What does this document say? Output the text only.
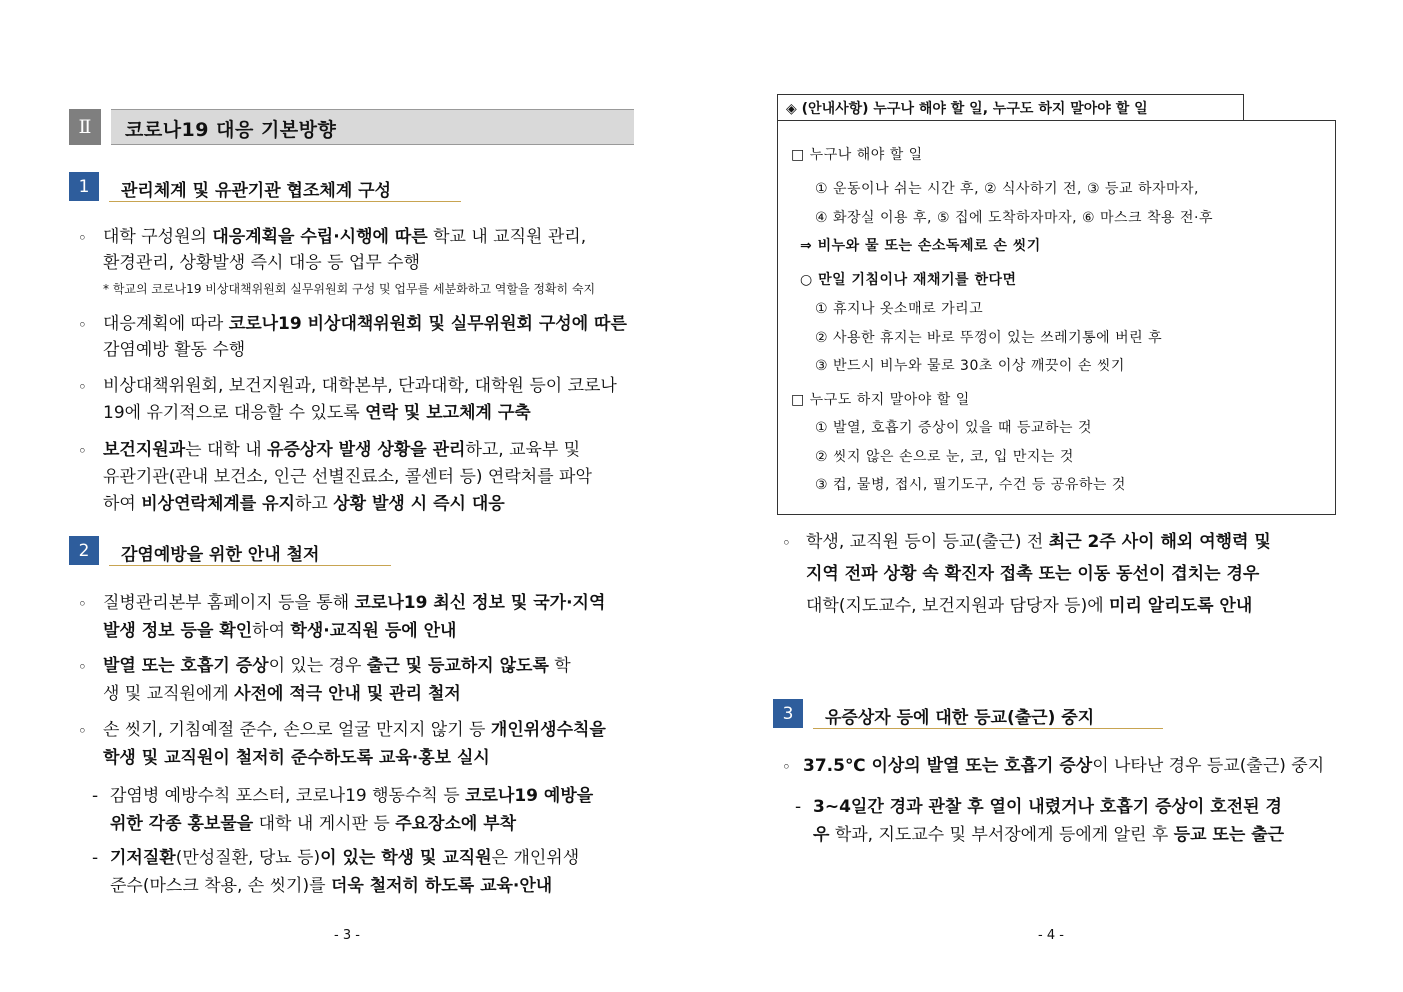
Ⅱ	코로나19 대응 기본방향
1	관리체계 및 유관기관 협조체계 구성
◦ 대학 구성원의 대응계획을 수립·시행에 따른 학교 내 교직원 관리,
환경관리, 상황발생 즉시 대응 등 업무 수행
* 학교의 코로나19 비상대책위원회 실무위원회 구성 및 업무를 세분화하고 역할을 정확히 숙지
◦ 대응계획에 따라 코로나19 비상대책위원회 및 실무위원회 구성에 따른
감염예방 활동 수행
◦ 비상대책위원회, 보건지원과, 대학본부, 단과대학, 대학원 등이 코로나
19에 유기적으로 대응할 수 있도록 연락 및 보고체계 구축
◦ 보건지원과는 대학 내 유증상자 발생 상황을 관리하고, 교육부 및
유관기관(관내 보건소, 인근 선별진료소, 콜센터 등) 연락처를 파악
하여 비상연락체계를 유지하고 상황 발생 시 즉시 대응
2	감염예방을 위한 안내 철저
◦ 질병관리본부 홈페이지 등을 통해 코로나19 최신 정보 및 국가·지역
발생 정보 등을 확인하여 학생·교직원 등에 안내
◦ 발열 또는 호흡기 증상이 있는 경우 출근 및 등교하지 않도록 학
생 및 교직원에게 사전에 적극 안내 및 관리 철저
◦ 손 씻기, 기침예절 준수, 손으로 얼굴 만지지 않기 등 개인위생수칙을
학생 및 교직원이 철저히 준수하도록 교육·홍보 실시
- 감염병 예방수칙 포스터, 코로나19 행동수칙 등 코로나19 예방을
위한 각종 홍보물을 대학 내 게시판 등 주요장소에 부착
- 기저질환(만성질환, 당뇨 등)이 있는 학생 및 교직원은 개인위생
준수(마스크 착용, 손 씻기)를 더욱 철저히 하도록 교육·안내
- 3 -
◈ (안내사항) 누구나 해야 할 일, 누구도 하지 말아야 할 일
□ 누구나 해야 할 일
① 운동이나 쉬는 시간 후, ② 식사하기 전, ③ 등교 하자마자,
④ 화장실 이용 후, ⑤ 집에 도착하자마자, ⑥ 마스크 착용 전·후
⇒ 비누와 물 또는 손소독제로 손 씻기
○ 만일 기침이나 재채기를 한다면
① 휴지나 옷소매로 가리고
② 사용한 휴지는 바로 뚜껑이 있는 쓰레기통에 버린 후
③ 반드시 비누와 물로 30초 이상 깨끗이 손 씻기
□ 누구도 하지 말아야 할 일
① 발열, 호흡기 증상이 있을 때 등교하는 것
② 씻지 않은 손으로 눈, 코, 입 만지는 것
③ 컵, 물병, 접시, 필기도구, 수건 등 공유하는 것
◦ 학생, 교직원 등이 등교(출근) 전 최근 2주 사이 해외 여행력 및
지역 전파 상황 속 확진자 접촉 또는 이동 동선이 겹치는 경우
대학(지도교수, 보건지원과 담당자 등)에 미리 알리도록 안내
3	유증상자 등에 대한 등교(출근) 중지
◦ 37.5℃ 이상의 발열 또는 호흡기 증상이 나타난 경우 등교(출근) 중지
- 3~4일간 경과 관찰 후 열이 내렸거나 호흡기 증상이 호전된 경
우 학과, 지도교수 및 부서장에게 등에게 알린 후 등교 또는 출근
- 4 -
